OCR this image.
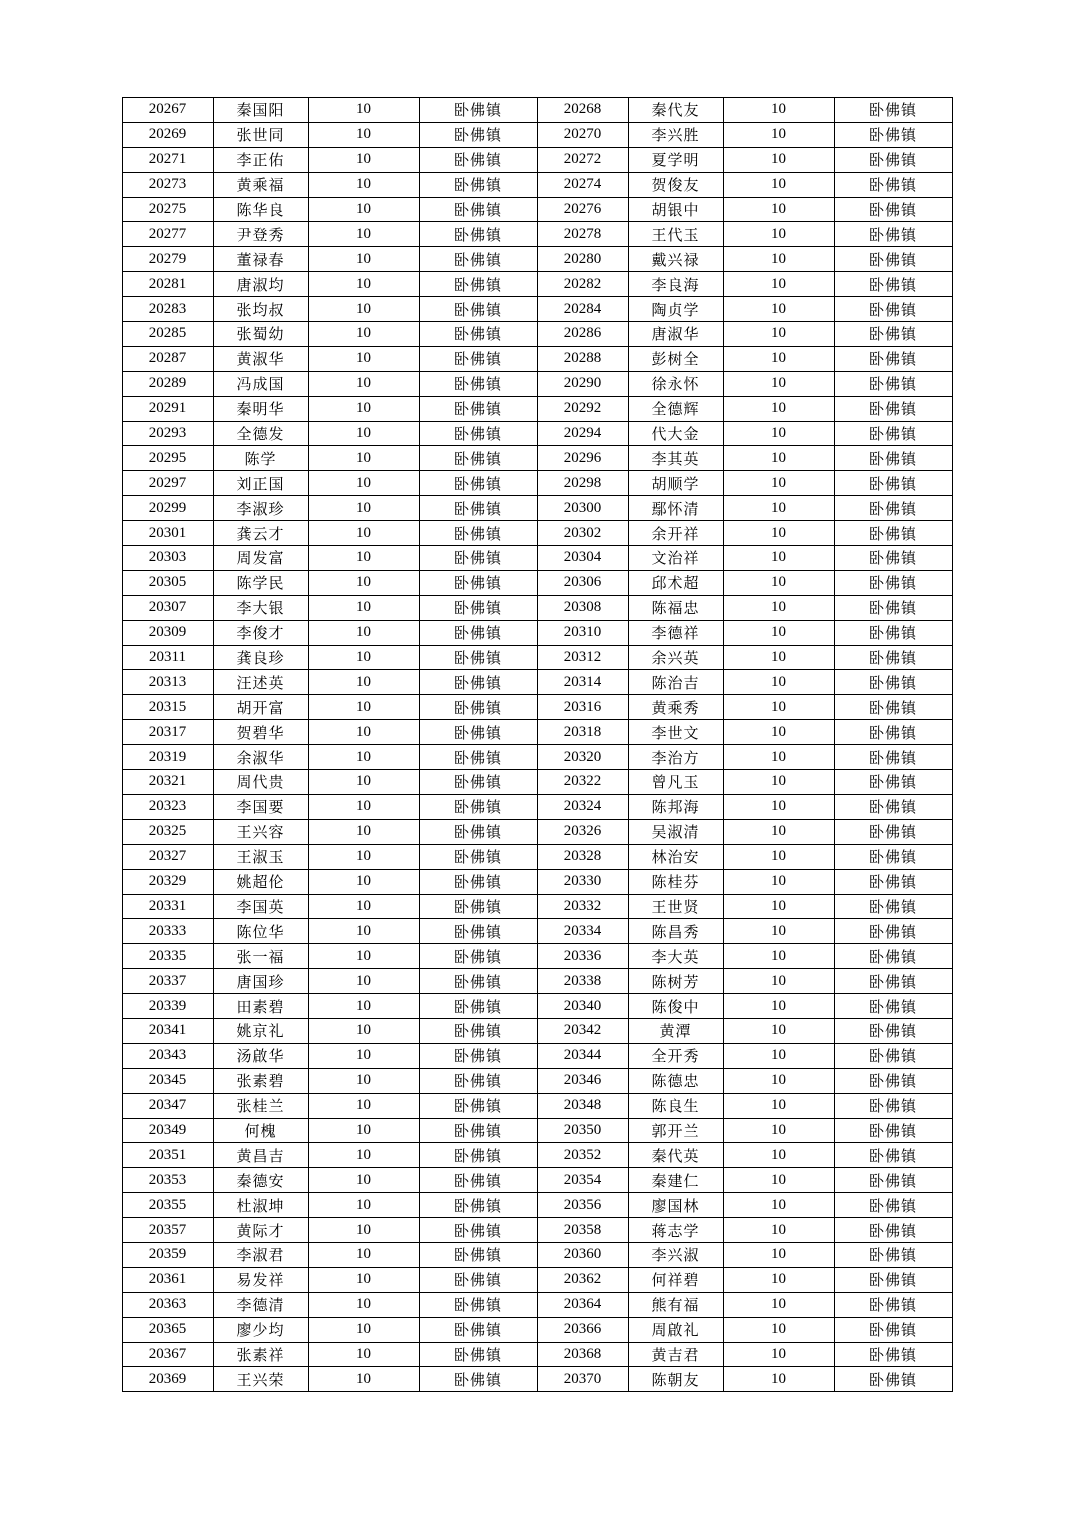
20267	秦国阳	10	卧佛镇	20268	秦代友	10	卧佛镇
20269	张世同	10	卧佛镇	20270	李兴胜	10	卧佛镇
20271	李正佑	10	卧佛镇	20272	夏学明	10	卧佛镇
20273	黄乘福	10	卧佛镇	20274	贺俊友	10	卧佛镇
20275	陈华良	10	卧佛镇	20276	胡银中	10	卧佛镇
20277	尹登秀	10	卧佛镇	20278	王代玉	10	卧佛镇
20279	董禄春	10	卧佛镇	20280	戴兴禄	10	卧佛镇
20281	唐淑均	10	卧佛镇	20282	李良海	10	卧佛镇
20283	张均叔	10	卧佛镇	20284	陶贞学	10	卧佛镇
20285	张蜀幼	10	卧佛镇	20286	唐淑华	10	卧佛镇
20287	黄淑华	10	卧佛镇	20288	彭树全	10	卧佛镇
20289	冯成国	10	卧佛镇	20290	徐永怀	10	卧佛镇
20291	秦明华	10	卧佛镇	20292	全德辉	10	卧佛镇
20293	全德发	10	卧佛镇	20294	代大金	10	卧佛镇
20295	陈学	10	卧佛镇	20296	李其英	10	卧佛镇
20297	刘正国	10	卧佛镇	20298	胡顺学	10	卧佛镇
20299	李淑珍	10	卧佛镇	20300	鄢怀清	10	卧佛镇
20301	龚云才	10	卧佛镇	20302	余开祥	10	卧佛镇
20303	周发富	10	卧佛镇	20304	文治祥	10	卧佛镇
20305	陈学民	10	卧佛镇	20306	邱术超	10	卧佛镇
20307	李大银	10	卧佛镇	20308	陈福忠	10	卧佛镇
20309	李俊才	10	卧佛镇	20310	李德祥	10	卧佛镇
20311	龚良珍	10	卧佛镇	20312	余兴英	10	卧佛镇
20313	汪述英	10	卧佛镇	20314	陈治吉	10	卧佛镇
20315	胡开富	10	卧佛镇	20316	黄乘秀	10	卧佛镇
20317	贺碧华	10	卧佛镇	20318	李世文	10	卧佛镇
20319	余淑华	10	卧佛镇	20320	李治方	10	卧佛镇
20321	周代贵	10	卧佛镇	20322	曾凡玉	10	卧佛镇
20323	李国要	10	卧佛镇	20324	陈邦海	10	卧佛镇
20325	王兴容	10	卧佛镇	20326	吴淑清	10	卧佛镇
20327	王淑玉	10	卧佛镇	20328	林治安	10	卧佛镇
20329	姚超伦	10	卧佛镇	20330	陈桂芬	10	卧佛镇
20331	李国英	10	卧佛镇	20332	王世贤	10	卧佛镇
20333	陈位华	10	卧佛镇	20334	陈昌秀	10	卧佛镇
20335	张一福	10	卧佛镇	20336	李大英	10	卧佛镇
20337	唐国珍	10	卧佛镇	20338	陈树芳	10	卧佛镇
20339	田素碧	10	卧佛镇	20340	陈俊中	10	卧佛镇
20341	姚京礼	10	卧佛镇	20342	黄潭	10	卧佛镇
20343	汤啟华	10	卧佛镇	20344	全开秀	10	卧佛镇
20345	张素碧	10	卧佛镇	20346	陈德忠	10	卧佛镇
20347	张桂兰	10	卧佛镇	20348	陈良生	10	卧佛镇
20349	何槐	10	卧佛镇	20350	郭开兰	10	卧佛镇
20351	黄昌吉	10	卧佛镇	20352	秦代英	10	卧佛镇
20353	秦德安	10	卧佛镇	20354	秦建仁	10	卧佛镇
20355	杜淑坤	10	卧佛镇	20356	廖国林	10	卧佛镇
20357	黄际才	10	卧佛镇	20358	蒋志学	10	卧佛镇
20359	李淑君	10	卧佛镇	20360	李兴淑	10	卧佛镇
20361	易发祥	10	卧佛镇	20362	何祥碧	10	卧佛镇
20363	李德清	10	卧佛镇	20364	熊有福	10	卧佛镇
20365	廖少均	10	卧佛镇	20366	周啟礼	10	卧佛镇
20367	张素祥	10	卧佛镇	20368	黄吉君	10	卧佛镇
20369	王兴荣	10	卧佛镇	20370	陈朝友	10	卧佛镇
